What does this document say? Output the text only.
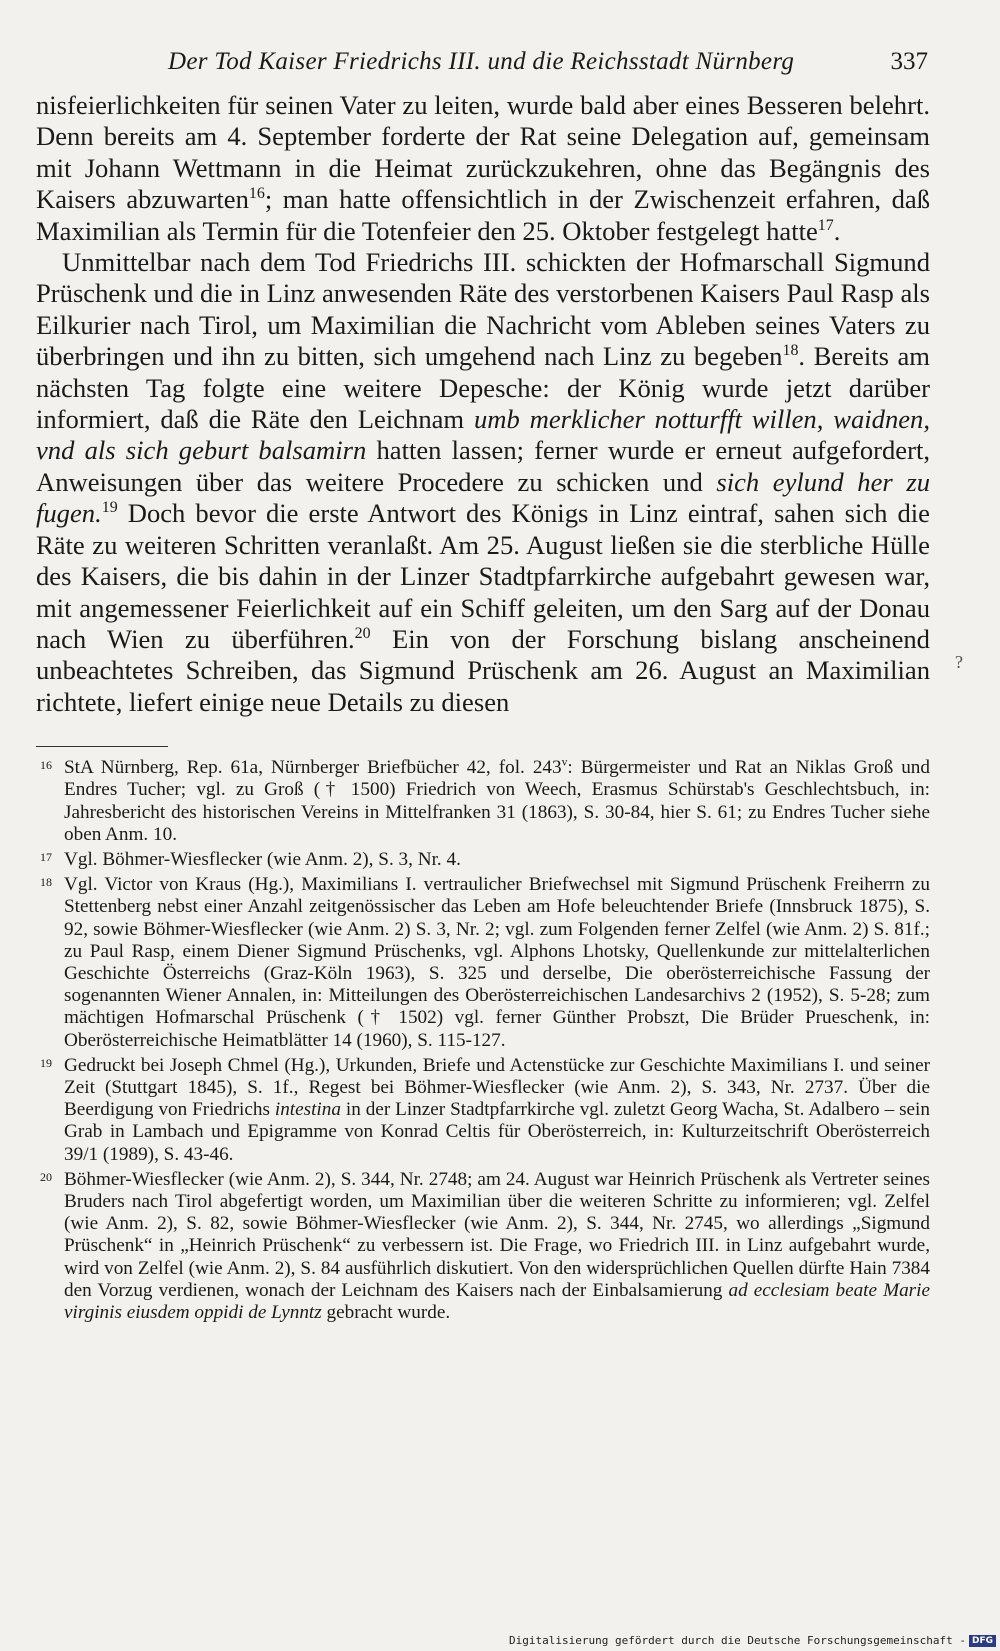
Der Tod Kaiser Friedrichs III. und die Reichsstadt Nürnberg	337

nisfeierlichkeiten für seinen Vater zu leiten, wurde bald aber eines Besseren belehrt. Denn bereits am 4. September forderte der Rat seine Delegation auf, gemeinsam mit Johann Wettmann in die Heimat zurückzukehren, ohne das Begängnis des Kaisers abzuwarten$^{16}$; man hatte offensichtlich in der Zwischenzeit erfahren, daß Maximilian als Termin für die Totenfeier den 25. Oktober festgelegt hatte$^{17}$.

Unmittelbar nach dem Tod Friedrichs III. schickten der Hofmarschall Sigmund Prüschenk und die in Linz anwesenden Räte des verstorbenen Kaisers Paul Rasp als Eilkurier nach Tirol, um Maximilian die Nachricht vom Ableben seines Vaters zu überbringen und ihn zu bitten, sich umgehend nach Linz zu begeben$^{18}$. Bereits am nächsten Tag folgte eine weitere Depesche: der König wurde jetzt darüber informiert, daß die Räte den Leichnam umb merklicher notturfft willen, waidnen, vnd als sich geburt balsamirn hatten lassen; ferner wurde er erneut aufgefordert, Anweisungen über das weitere Procedere zu schicken und sich eylund her zu fugen.$^{19}$ Doch bevor die erste Antwort des Königs in Linz eintraf, sahen sich die Räte zu weiteren Schritten veranlaßt. Am 25. August ließen sie die sterbliche Hülle des Kaisers, die bis dahin in der Linzer Stadtpfarrkirche aufgebahrt gewesen war, mit angemessener Feierlichkeit auf ein Schiff geleiten, um den Sarg auf der Donau nach Wien zu überführen.$^{20}$ Ein von der Forschung bislang anscheinend unbeachtetes Schreiben, das Sigmund Prüschenk am 26. August an Maximilian richtete, liefert einige neue Details zu diesen

16 StA Nürnberg, Rep. 61a, Nürnberger Briefbücher 42, fol. 243$^v$: Bürgermeister und Rat an Niklas Groß und Endres Tucher; vgl. zu Groß († 1500) Friedrich von Weech, Erasmus Schürstab's Geschlechtsbuch, in: Jahresbericht des historischen Vereins in Mittelfranken 31 (1863), S. 30-84, hier S. 61; zu Endres Tucher siehe oben Anm. 10.
17 Vgl. Böhmer-Wiesflecker (wie Anm. 2), S. 3, Nr. 4.
18 Vgl. Victor von Kraus (Hg.), Maximilians I. vertraulicher Briefwechsel mit Sigmund Prüschenk Freiherrn zu Stettenberg nebst einer Anzahl zeitgenössischer das Leben am Hofe beleuchtender Briefe (Innsbruck 1875), S. 92, sowie Böhmer-Wiesflecker (wie Anm. 2) S. 3, Nr. 2; vgl. zum Folgenden ferner Zelfel (wie Anm. 2) S. 81f.; zu Paul Rasp, einem Diener Sigmund Prüschenks, vgl. Alphons Lhotsky, Quellenkunde zur mittelalterlichen Geschichte Österreichs (Graz-Köln 1963), S. 325 und derselbe, Die oberösterreichische Fassung der sogenannten Wiener Annalen, in: Mitteilungen des Oberösterreichischen Landesarchivs 2 (1952), S. 5-28; zum mächtigen Hofmarschal Prüschenk († 1502) vgl. ferner Günther Probszt, Die Brüder Prueschenk, in: Oberösterreichische Heimatblätter 14 (1960), S. 115-127.
19 Gedruckt bei Joseph Chmel (Hg.), Urkunden, Briefe und Actenstücke zur Geschichte Maximilians I. und seiner Zeit (Stuttgart 1845), S. 1f., Regest bei Böhmer-Wiesflecker (wie Anm. 2), S. 343, Nr. 2737. Über die Beerdigung von Friedrichs intestina in der Linzer Stadtpfarrkirche vgl. zuletzt Georg Wacha, St. Adalbero – sein Grab in Lambach und Epigramme von Konrad Celtis für Oberösterreich, in: Kulturzeitschrift Oberösterreich 39/1 (1989), S. 43-46.
20 Böhmer-Wiesflecker (wie Anm. 2), S. 344, Nr. 2748; am 24. August war Heinrich Prüschenk als Vertreter seines Bruders nach Tirol abgefertigt worden, um Maximilian über die weiteren Schritte zu informieren; vgl. Zelfel (wie Anm. 2), S. 82, sowie Böhmer-Wiesflecker (wie Anm. 2), S. 344, Nr. 2745, wo allerdings „Sigmund Prüschenk“ in „Heinrich Prüschenk“ zu verbessern ist. Die Frage, wo Friedrich III. in Linz aufgebahrt wurde, wird von Zelfel (wie Anm. 2), S. 84 ausführlich diskutiert. Von den widersprüchlichen Quellen dürfte Hain 7384 den Vorzug verdienen, wonach der Leichnam des Kaisers nach der Einbalsamierung ad ecclesiam beate Marie virginis eiusdem oppidi de Lynntz gebracht wurde.
?
Digitalisierung gefördert durch die Deutsche Forschungsgemeinschaft - DFG
